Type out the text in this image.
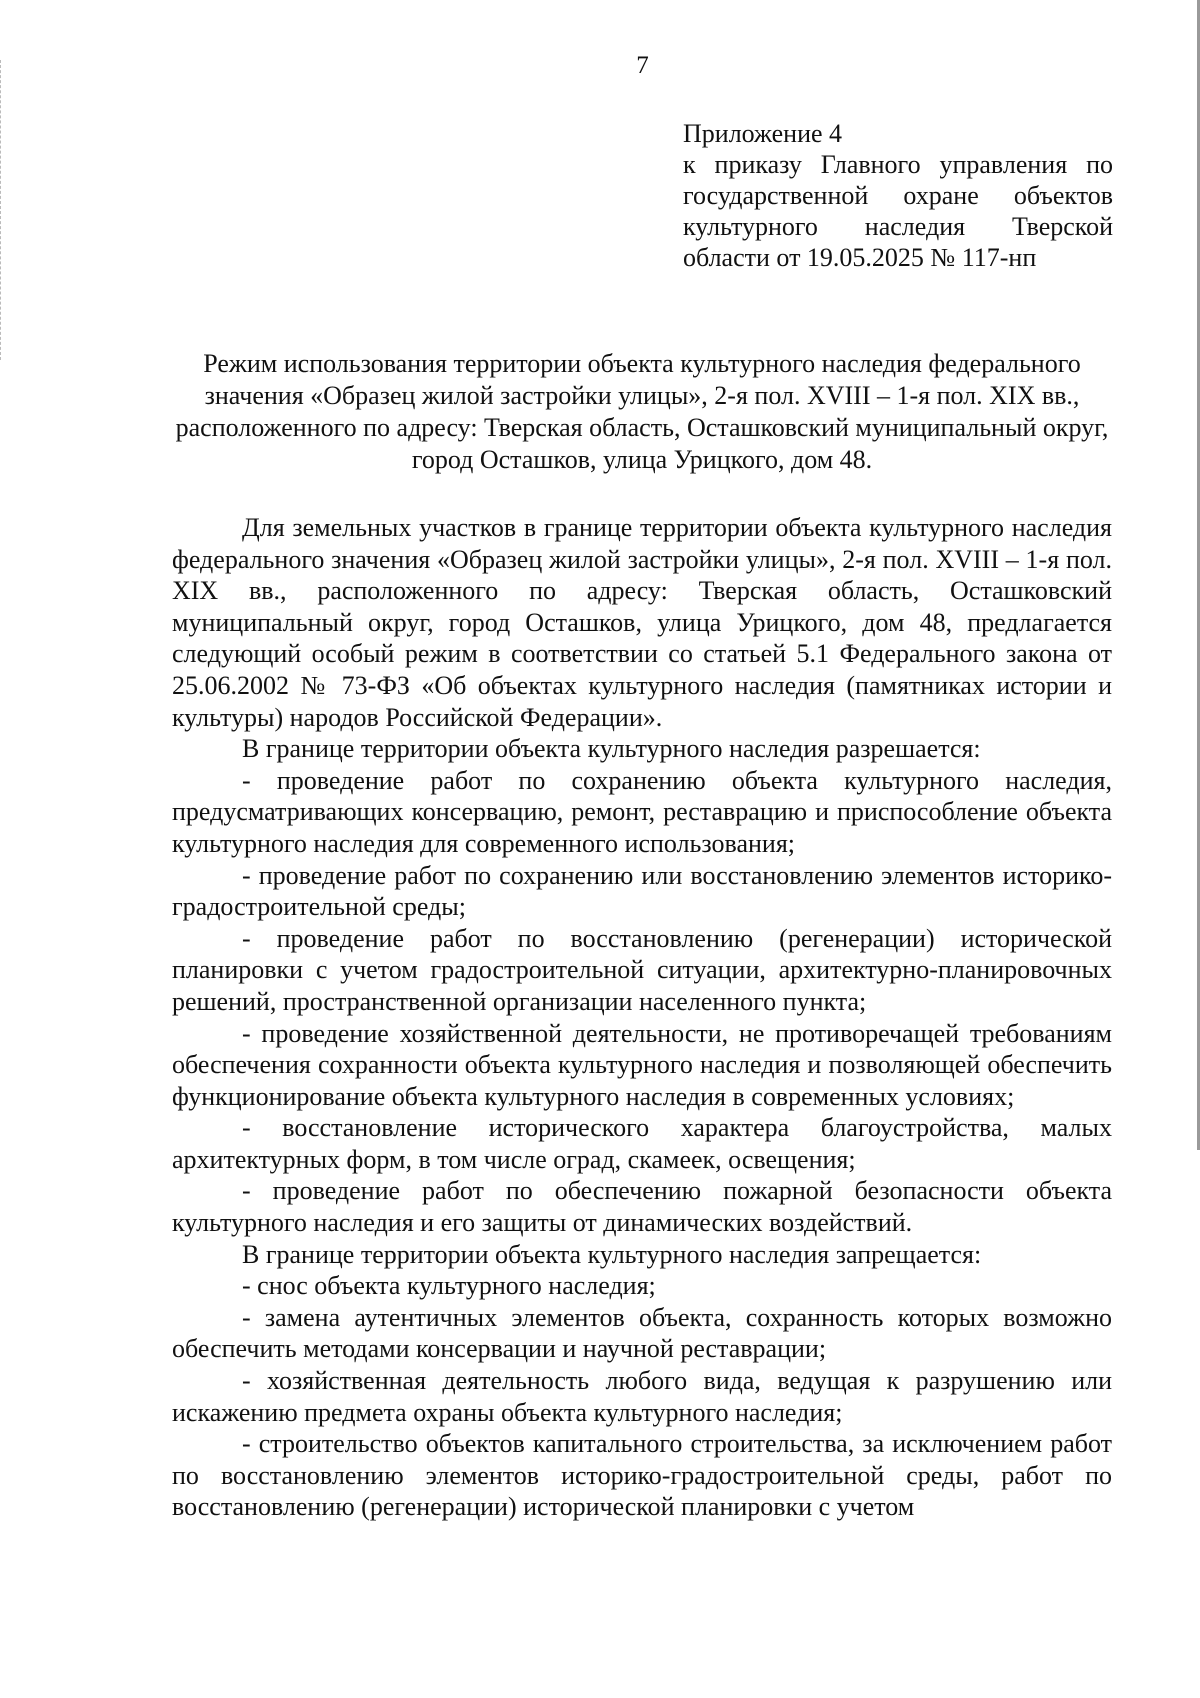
7

Приложение 4

к приказу Главного управления по государственной охране объектов культурного наследия Тверской области от 19.05.2025 № 117-нп

Режим использования территории объекта культурного наследия федерального значения «Образец жилой застройки улицы», 2-я пол. XVIII – 1-я пол. XIX вв., расположенного по адресу: Тверская область, Осташковский муниципальный округ, город Осташков, улица Урицкого, дом 48.

Для земельных участков в границе территории объекта культурного наследия федерального значения «Образец жилой застройки улицы», 2-я пол. XVIII – 1-я пол. XIX вв., расположенного по адресу: Тверская область, Осташковский муниципальный округ, город Осташков, улица Урицкого, дом 48, предлагается следующий особый режим в соответствии со статьей 5.1 Федерального закона от 25.06.2002 № 73-ФЗ «Об объектах культурного наследия (памятниках истории и культуры) народов Российской Федерации».

В границе территории объекта культурного наследия разрешается:

- проведение работ по сохранению объекта культурного наследия, предусматривающих консервацию, ремонт, реставрацию и приспособление объекта культурного наследия для современного использования;

- проведение работ по сохранению или восстановлению элементов историко-градостроительной среды;

- проведение работ по восстановлению (регенерации) исторической планировки с учетом градостроительной ситуации, архитектурно-планировочных решений, пространственной организации населенного пункта;

- проведение хозяйственной деятельности, не противоречащей требованиям обеспечения сохранности объекта культурного наследия и позволяющей обеспечить функционирование объекта культурного наследия в современных условиях;

- восстановление исторического характера благоустройства, малых архитектурных форм, в том числе оград, скамеек, освещения;

- проведение работ по обеспечению пожарной безопасности объекта культурного наследия и его защиты от динамических воздействий.

В границе территории объекта культурного наследия запрещается:

- снос объекта культурного наследия;

- замена аутентичных элементов объекта, сохранность которых возможно обеспечить методами консервации и научной реставрации;

- хозяйственная деятельность любого вида, ведущая к разрушению или искажению предмета охраны объекта культурного наследия;

- строительство объектов капитального строительства, за исключением работ по восстановлению элементов историко-градостроительной среды, работ по восстановлению (регенерации) исторической планировки с учетом
